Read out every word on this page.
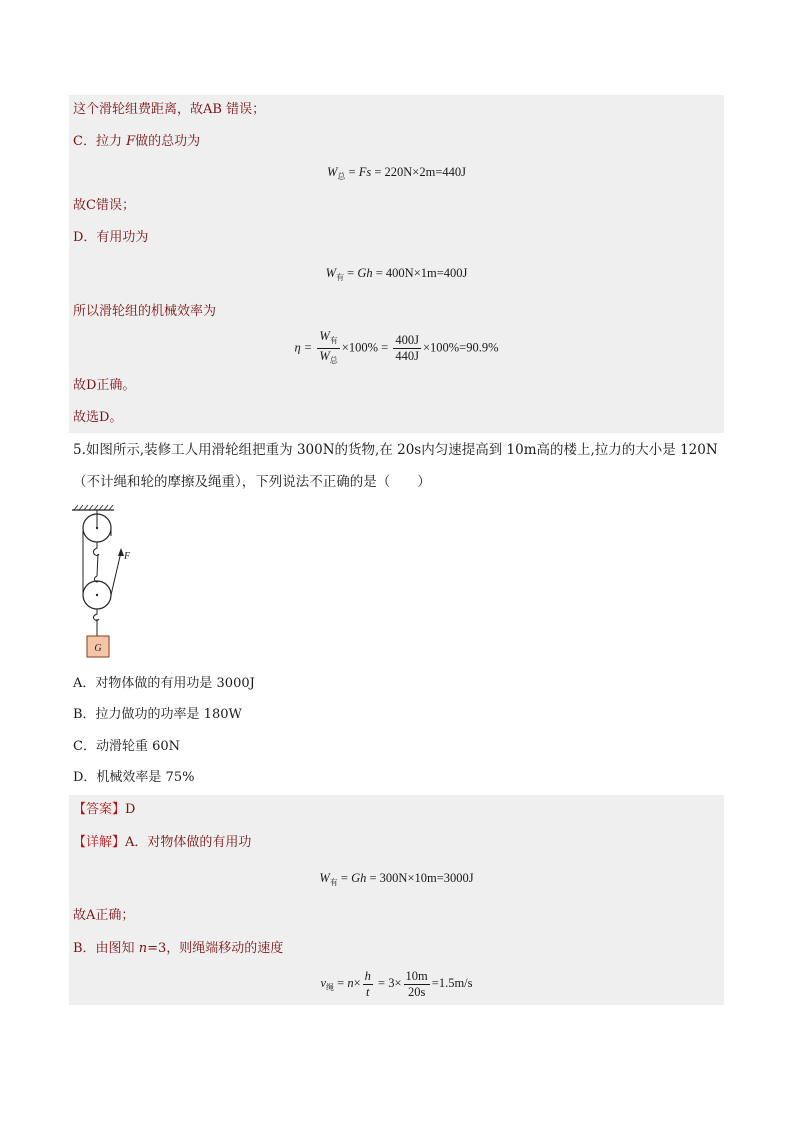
这个滑轮组费距离，故AB 错误；
C．拉力 F做的总功为
$W_总 = Fs = 220N\times 2m=440J$
故C错误；
D．有用功为
$W_有 = Gh = 400N\times 1m=400J$
所以滑轮组的机械效率为
$\eta = \frac{W_有}{W_总} \times 100\% = \frac{400J}{440J} \times 100\%=90.9\%$
故D正确。
故选D。
5.如图所示,装修工人用滑轮组把重为 300N的货物,在 20s内匀速提高到 10m高的楼上,拉力的大小是 120N
（不计绳和轮的摩擦及绳重），下列说法不正确的是（　　）
F
G
A．对物体做的有用功是 3000J
B．拉力做功的功率是 180W
C．动滑轮重 60N
D．机械效率是 75%
【答案】D
【详解】A．对物体做的有用功
$W_有 = Gh = 300N\times 10m=3000J$
故A正确；
B．由图知 n=3，则绳端移动的速度
$v_绳 = n\times \frac{h}{t} = 3\times \frac{10m}{20s} =1.5m/s$
